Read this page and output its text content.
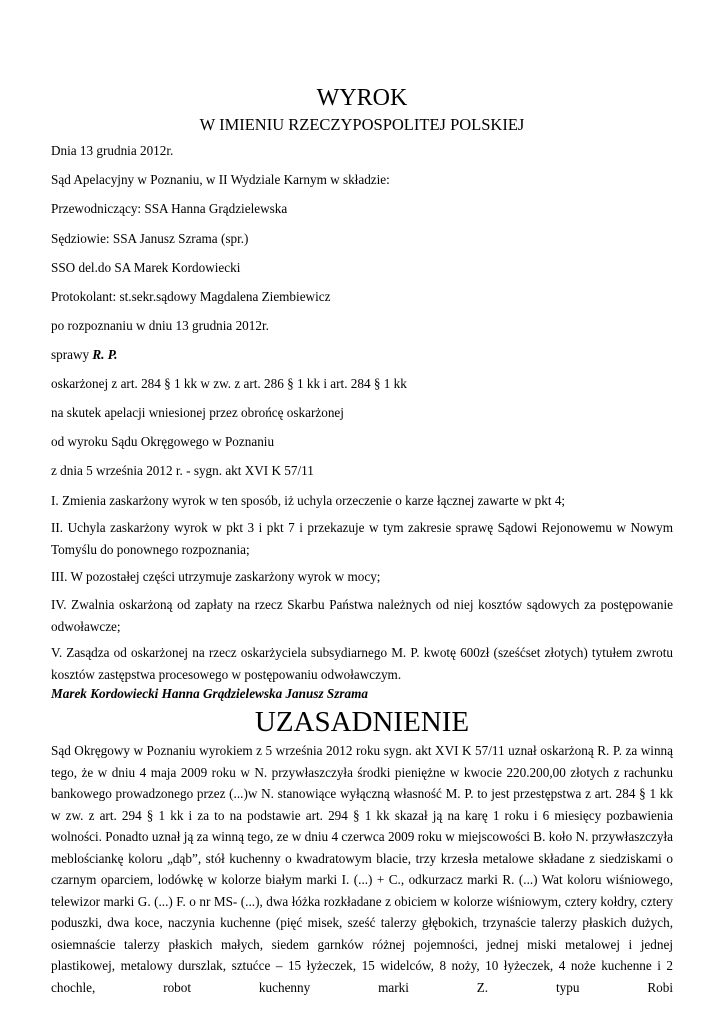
WYROK
W IMIENIU RZECZYPOSPOLITEJ POLSKIEJ
Dnia 13 grudnia 2012r.
Sąd Apelacyjny w Poznaniu, w II Wydziale Karnym w składzie:
Przewodniczący: SSA Hanna Grądzielewska
Sędziowie: SSA Janusz Szrama (spr.)
SSO del.do SA Marek Kordowiecki
Protokolant: st.sekr.sądowy Magdalena Ziembiewicz
po rozpoznaniu w dniu 13 grudnia 2012r.
sprawy R. P.
oskarżonej z art. 284 § 1 kk w zw. z art. 286 § 1 kk i art. 284 § 1 kk
na skutek apelacji wniesionej przez obrońcę oskarżonej
od wyroku Sądu Okręgowego w Poznaniu
z dnia 5 września 2012 r. - sygn. akt XVI K 57/11
I. Zmienia zaskarżony wyrok w ten sposób, iż uchyla orzeczenie o karze łącznej zawarte w pkt 4;
II. Uchyla zaskarżony wyrok w pkt 3 i pkt 7 i przekazuje w tym zakresie sprawę Sądowi Rejonowemu w Nowym Tomyślu do ponownego rozpoznania;
III. W pozostałej części utrzymuje zaskarżony wyrok w mocy;
IV. Zwalnia oskarżoną od zapłaty na rzecz Skarbu Państwa należnych od niej kosztów sądowych za postępowanie odwoławcze;
V. Zasądza od oskarżonej na rzecz oskarżyciela subsydiarnego M. P. kwotę 600zł (sześćset złotych) tytułem zwrotu kosztów zastępstwa procesowego w postępowaniu odwoławczym.
Marek Kordowiecki Hanna Grądzielewska Janusz Szrama
UZASADNIENIE
Sąd Okręgowy w Poznaniu wyrokiem z 5 września 2012 roku sygn. akt XVI K 57/11 uznał oskarżoną R. P. za winną tego, że w dniu 4 maja 2009 roku w N. przywłaszczyła środki pieniężne w kwocie 220.200,00 złotych z rachunku bankowego prowadzonego przez (...)w N. stanowiące wyłączną własność M. P. to jest przestępstwa z art. 284 § 1 kk w zw. z art. 294 § 1 kk i za to na podstawie art. 294 § 1 kk skazał ją na karę 1 roku i 6 miesięcy pozbawienia wolności. Ponadto uznał ją za winną tego, ze w dniu 4 czerwca 2009 roku w miejscowości B. koło N. przywłaszczyła meblościankę koloru „dąb”, stół kuchenny o kwadratowym blacie, trzy krzesła metalowe składane z siedziskami o czarnym oparciem, lodówkę w kolorze białym marki I. (...) + C., odkurzacz marki R. (...) Wat koloru wiśniowego, telewizor marki G. (...) F. o nr MS- (...), dwa łóżka rozkładane z obiciem w kolorze wiśniowym, cztery kołdry, cztery poduszki, dwa koce, naczynia kuchenne (pięć misek, sześć talerzy głębokich, trzynaście talerzy płaskich dużych, osiemnaście talerzy płaskich małych, siedem garnków różnej pojemności, jednej miski metalowej i jednej plastikowej, metalowy durszlak, sztućce – 15 łyżeczek, 15 widelców, 8 noży, 10 łyżeczek, 4 noże kuchenne i 2 chochle, robot kuchenny marki Z. typu Robi
